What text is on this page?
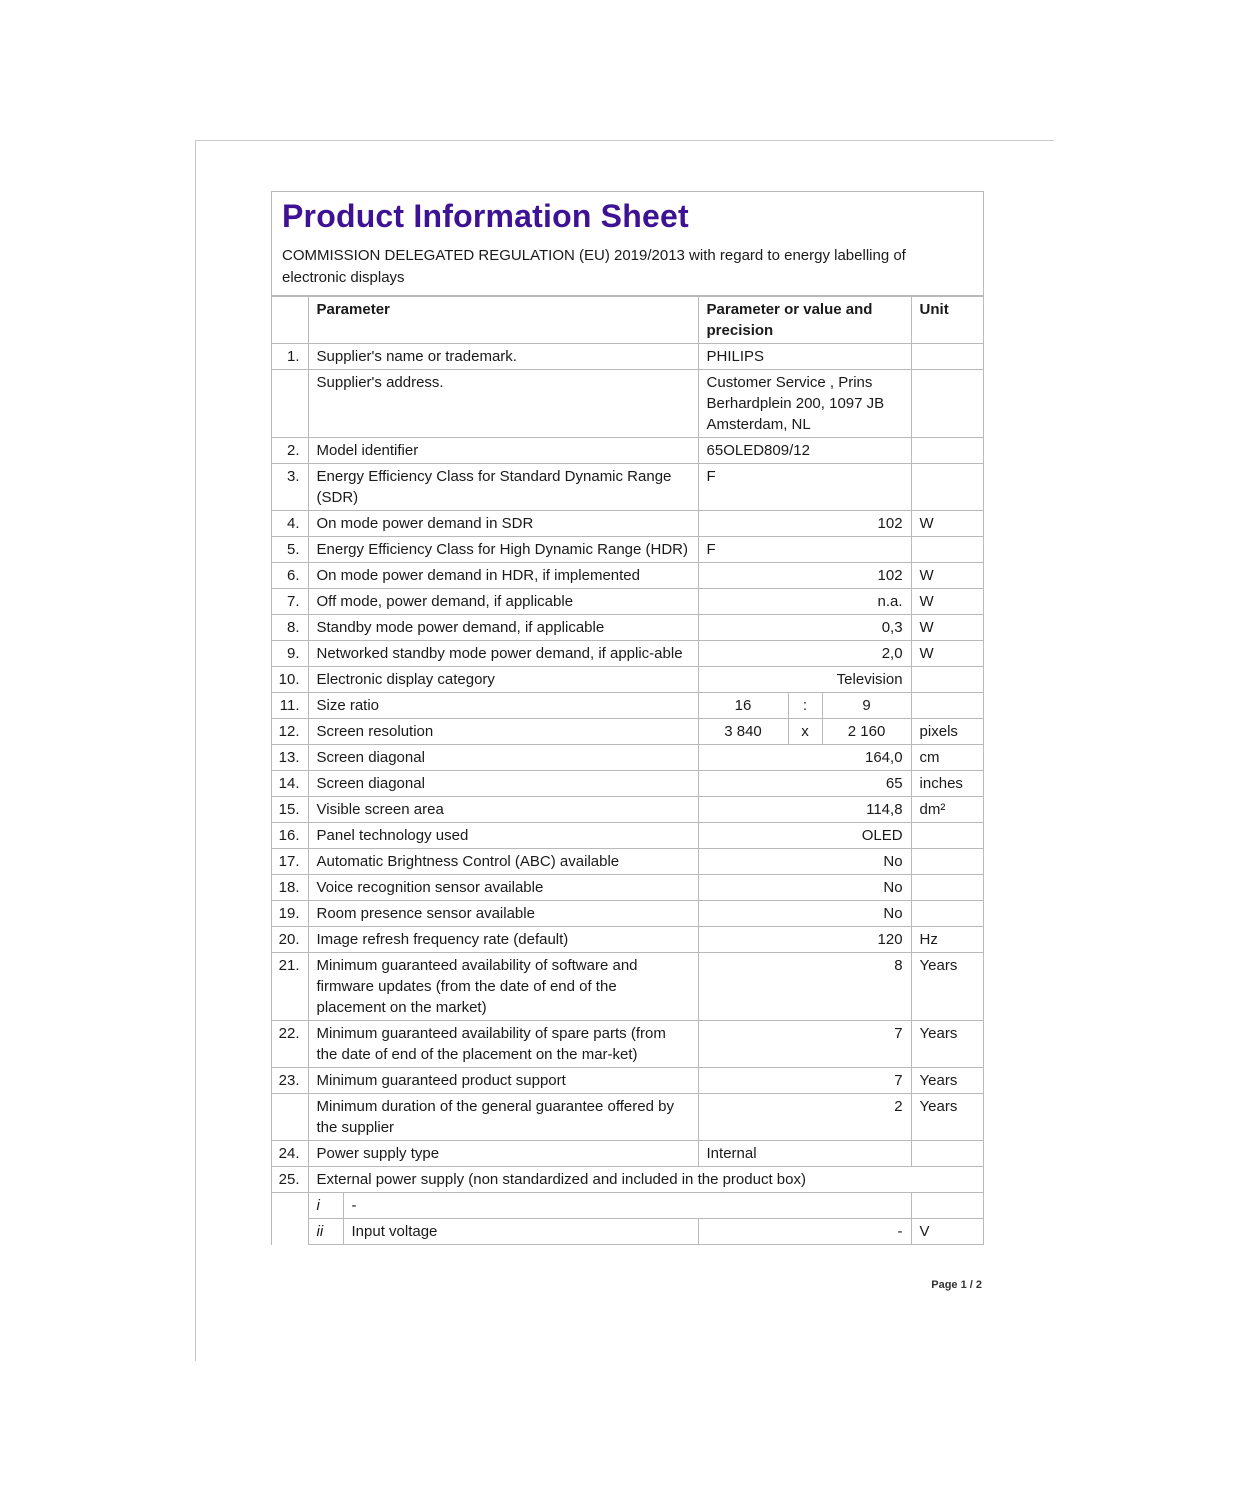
Product Information Sheet
COMMISSION DELEGATED REGULATION (EU) 2019/2013 with regard to energy labelling of electronic displays
	Parameter		Parameter or value and precision			Unit
1.	Supplier's name or trademark.		PHILIPS			
	Supplier's address.		Customer Service , Prins Berhardplein 200, 1097 JB Amsterdam, NL			
2.	Model identifier		65OLED809/12			
3.	Energy Efficiency Class for Standard Dynamic Range (SDR)		F			
4.	On mode power demand in SDR		102			W
5.	Energy Efficiency Class for High Dynamic Range (HDR)		F			
6.	On mode power demand in HDR, if implemented		102			W
7.	Off mode, power demand, if applicable		n.a.			W
8.	Standby mode power demand, if applicable		0,3			W
9.	Networked standby mode power demand, if applic-able		2,0			W
10.	Electronic display category		Television			
11.	Size ratio		16	:	9	
12.	Screen resolution		3 840	x	2 160	pixels
13.	Screen diagonal		164,0			cm
14.	Screen diagonal		65			inches
15.	Visible screen area		114,8			dm²
16.	Panel technology used		OLED			
17.	Automatic Brightness Control (ABC) available		No			
18.	Voice recognition sensor available		No			
19.	Room presence sensor available		No			
20.	Image refresh frequency rate (default)		120			Hz
21.	Minimum guaranteed availability of software and firmware updates (from the date of end of the placement on the market)		8			Years
22.	Minimum guaranteed availability of spare parts (from the date of end of the placement on the mar-ket)		7			Years
23.	Minimum guaranteed product support		7			Years
	Minimum duration of the general guarantee offered by the supplier		2			Years
24.	Power supply type		Internal			
25.	External power supply (non standardized and included in the product box)					
	i	-				
	ii	Input voltage	-			V
Page 1 / 2
